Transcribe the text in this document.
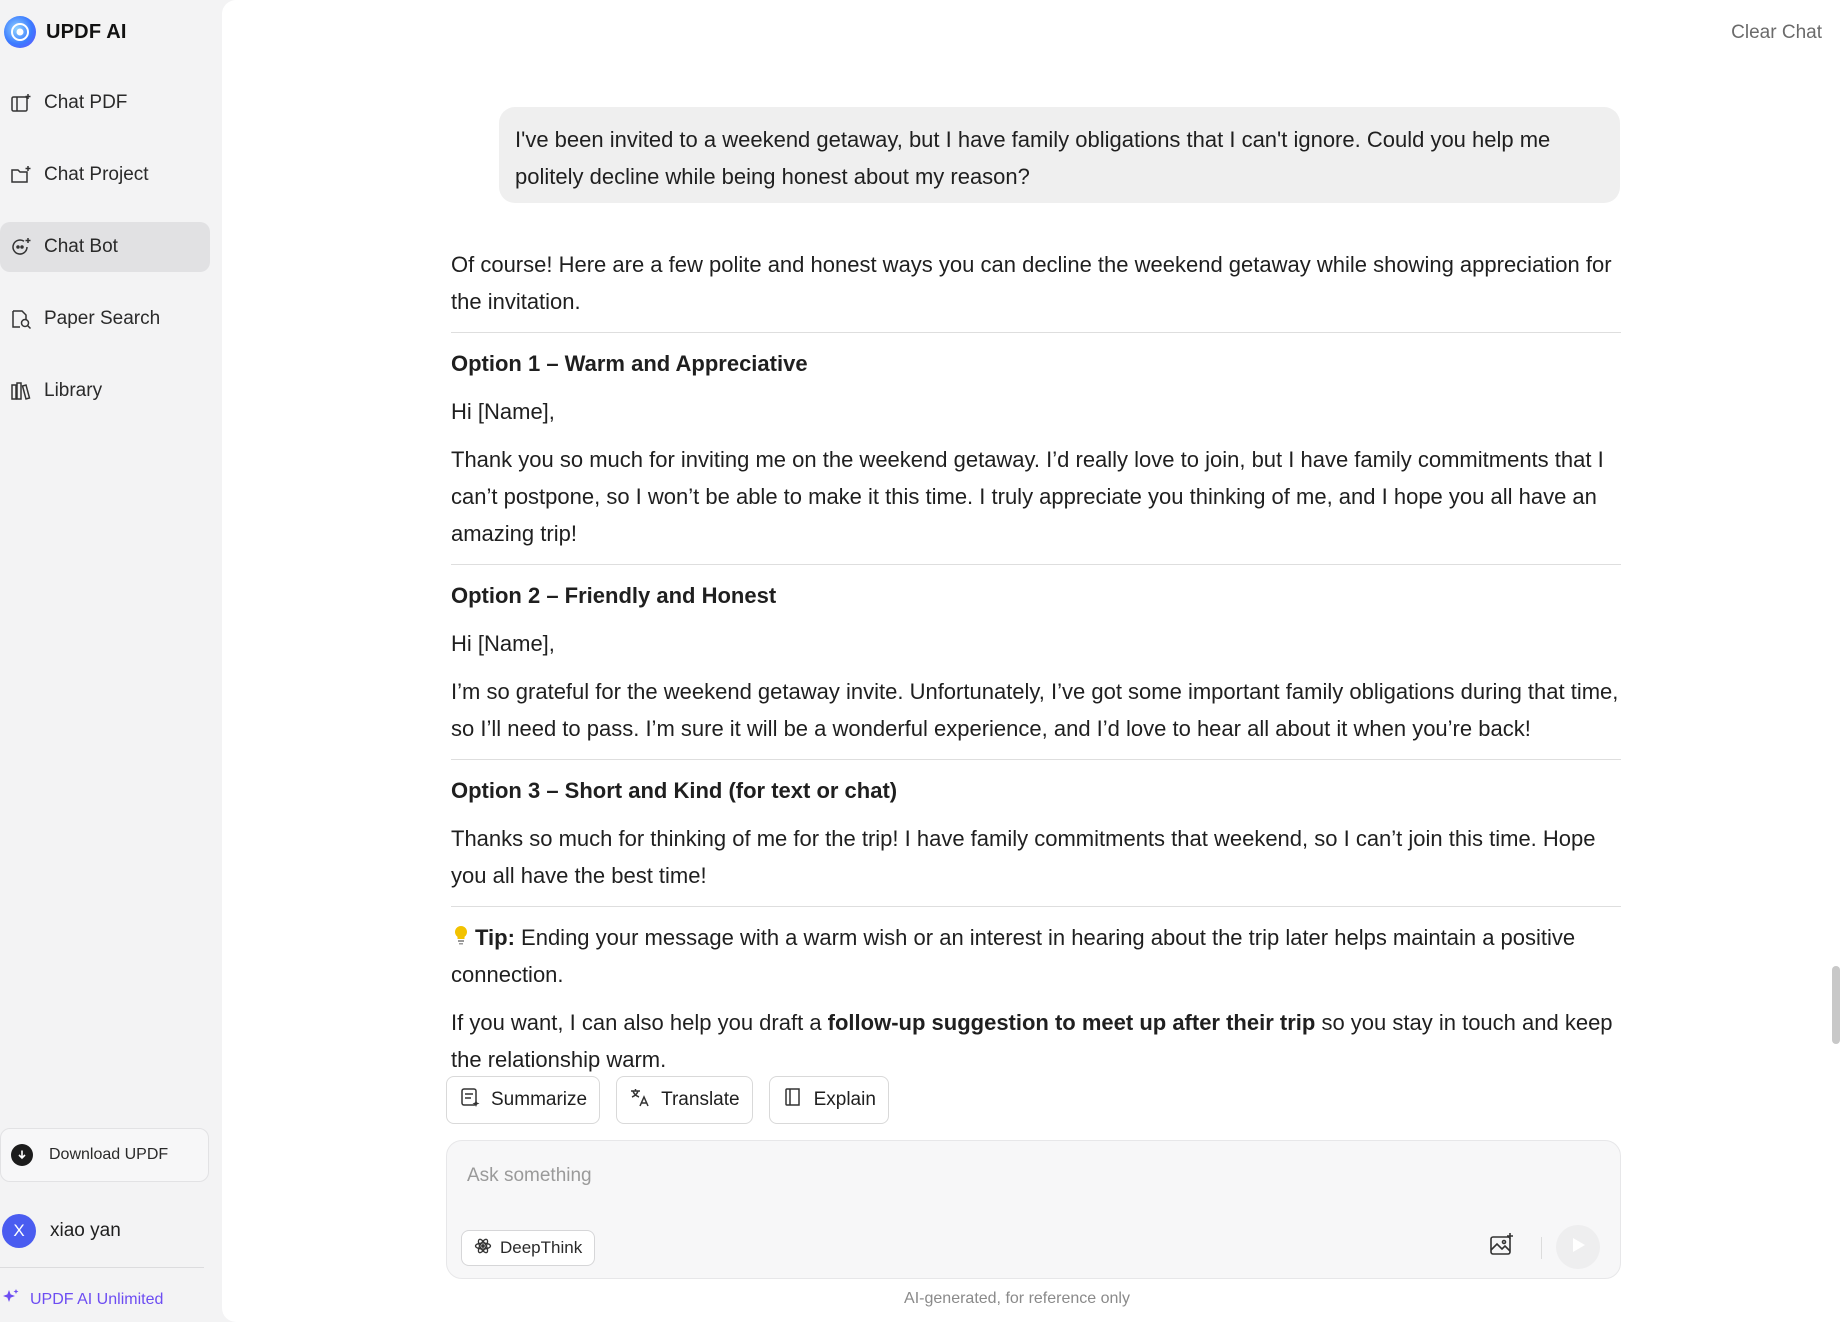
UPDF AI
Chat PDF
Chat Project
Chat Bot
Paper Search
Library
Download UPDF
X	xiao yan
UPDF AI Unlimited
Clear Chat
I've been invited to a weekend getaway, but I have family obligations that I can't ignore. Could you help me politely decline while being honest about my reason?

Of course! Here are a few polite and honest ways you can decline the weekend getaway while showing appreciation for the invitation.

Option 1 – Warm and Appreciative

Hi [Name],

Thank you so much for inviting me on the weekend getaway. I’d really love to join, but I have family commitments that I can’t postpone, so I won’t be able to make it this time. I truly appreciate you thinking of me, and I hope you all have an amazing trip!

Option 2 – Friendly and Honest

Hi [Name],

I’m so grateful for the weekend getaway invite. Unfortunately, I’ve got some important family obligations during that time, so I’ll need to pass. I’m sure it will be a wonderful experience, and I’d love to hear all about it when you’re back!

Option 3 – Short and Kind (for text or chat)

Thanks so much for thinking of me for the trip! I have family commitments that weekend, so I can’t join this time. Hope you all have the best time!

Tip: Ending your message with a warm wish or an interest in hearing about the trip later helps maintain a positive connection.

If you want, I can also help you draft a follow-up suggestion to meet up after their trip so you stay in touch and keep the relationship warm.

Summarize	Translate	Explain
Ask something
DeepThink
AI-generated, for reference only
